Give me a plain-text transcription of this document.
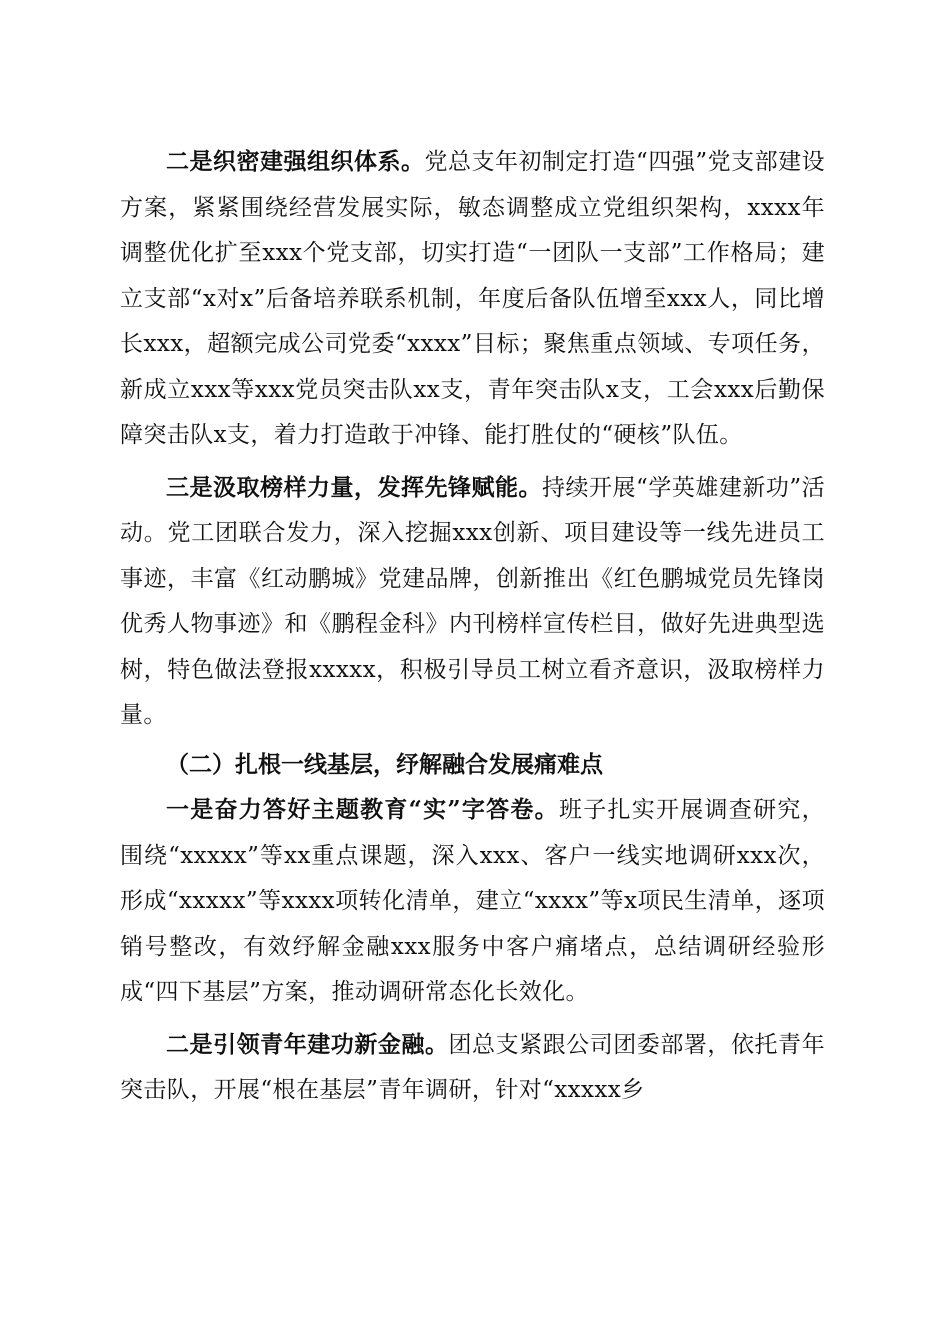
二是织密建强组织体系。党总支年初制定打造“四强”党支部建设方案，紧紧围绕经营发展实际，敏态调整成立党组织架构，xxxx年调整优化扩至xxx个党支部，切实打造“一团队一支部”工作格局；建立支部“x对x”后备培养联系机制，年度后备队伍增至xxx人，同比增长xxx，超额完成公司党委“xxxx”目标；聚焦重点领域、专项任务，新成立xxx等xxx党员突击队xx支，青年突击队x支，工会xxx后勤保障突击队x支，着力打造敢于冲锋、能打胜仗的“硬核”队伍。

三是汲取榜样力量，发挥先锋赋能。持续开展“学英雄建新功”活动。党工团联合发力，深入挖掘xxx创新、项目建设等一线先进员工事迹，丰富《红动鹏城》党建品牌，创新推出《红色鹏城党员先锋岗优秀人物事迹》和《鹏程金科》内刊榜样宣传栏目，做好先进典型选树，特色做法登报xxxxx，积极引导员工树立看齐意识，汲取榜样力量。

（二）扎根一线基层，纾解融合发展痛难点

一是奋力答好主题教育“实”字答卷。班子扎实开展调查研究，围绕“xxxxx”等xx重点课题，深入xxx、客户一线实地调研xxx次，形成“xxxxx”等xxxx项转化清单，建立“xxxx”等x项民生清单，逐项销号整改，有效纾解金融xxx服务中客户痛堵点，总结调研经验形成“四下基层”方案，推动调研常态化长效化。

二是引领青年建功新金融。团总支紧跟公司团委部署，依托青年突击队，开展“根在基层”青年调研，针对“xxxxx乡
